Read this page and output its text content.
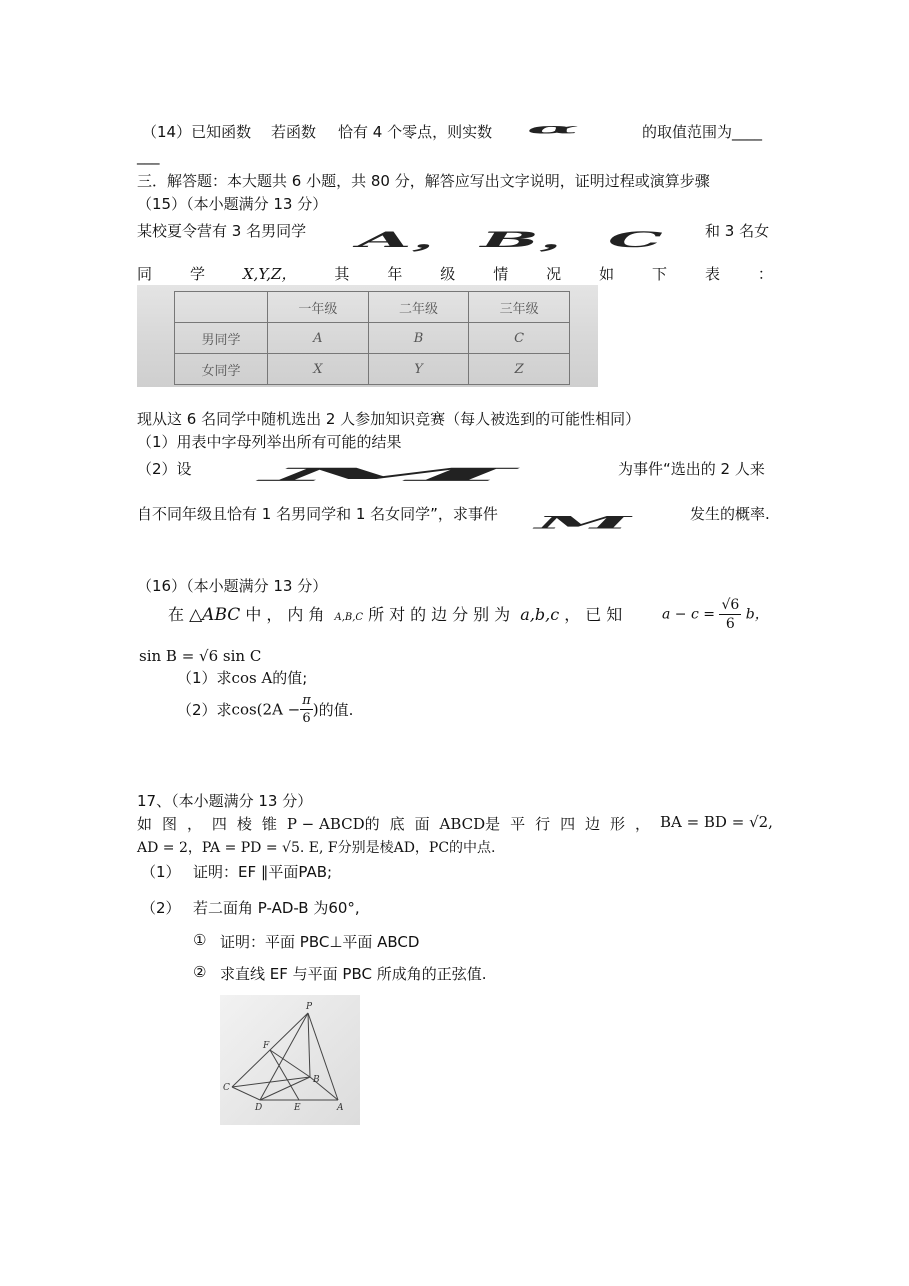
（14）已知函数 若函数 恰有 4 个零点，则实数 α	的取值范围为____
___
三．解答题：本大题共 6 小题，共 80 分，解答应写出文字说明，证明过程或演算步骤
（15）（本小题满分 13 分）
某校夏令营有 3 名男同学 A，B，C	和 3 名女
同	学	X,Y,Z，	其	年	级	情	况	如	下	表	：
	一年级	二年级	三年级
男同学	A	B	C
女同学	X	Y	Z
现从这 6 名同学中随机选出 2 人参加知识竞赛（每人被选到的可能性相同）
（1）用表中字母列举出所有可能的结果
（2）设	M	为事件“选出的 2 人来
自不同年级且恰有 1 名男同学和 1 名女同学”，求事件 M	发生的概率.
（16）（本小题满分 13 分）
在 △ABC 中，内角 A,B,C 所对的边分别为 a,b,c ，已知 $a - c = \frac{√6}{6}$ b，
sin B = √6 sin C
（1）求cos A的值;
（2）求$\cos(2A - \frac{\pi}{6}$ )的值.
17、（本小题满分 13 分）
如 图 ， 四 棱 锥 P − ABCD的 底 面 ABCD是 平 行 四 边 形 ， BA = BD = √2,
AD = 2，PA = PD = √5. E, F分别是棱AD，PC的中点.
（1） 证明：EF ∥平面PAB;
（2） 若二面角 P-AD-B 为60°,
① 证明：平面 PBC⊥平面 ABCD
② 求直线 EF 与平面 PBC 所成角的正弦值.
P
F
B
C
D	E	A
